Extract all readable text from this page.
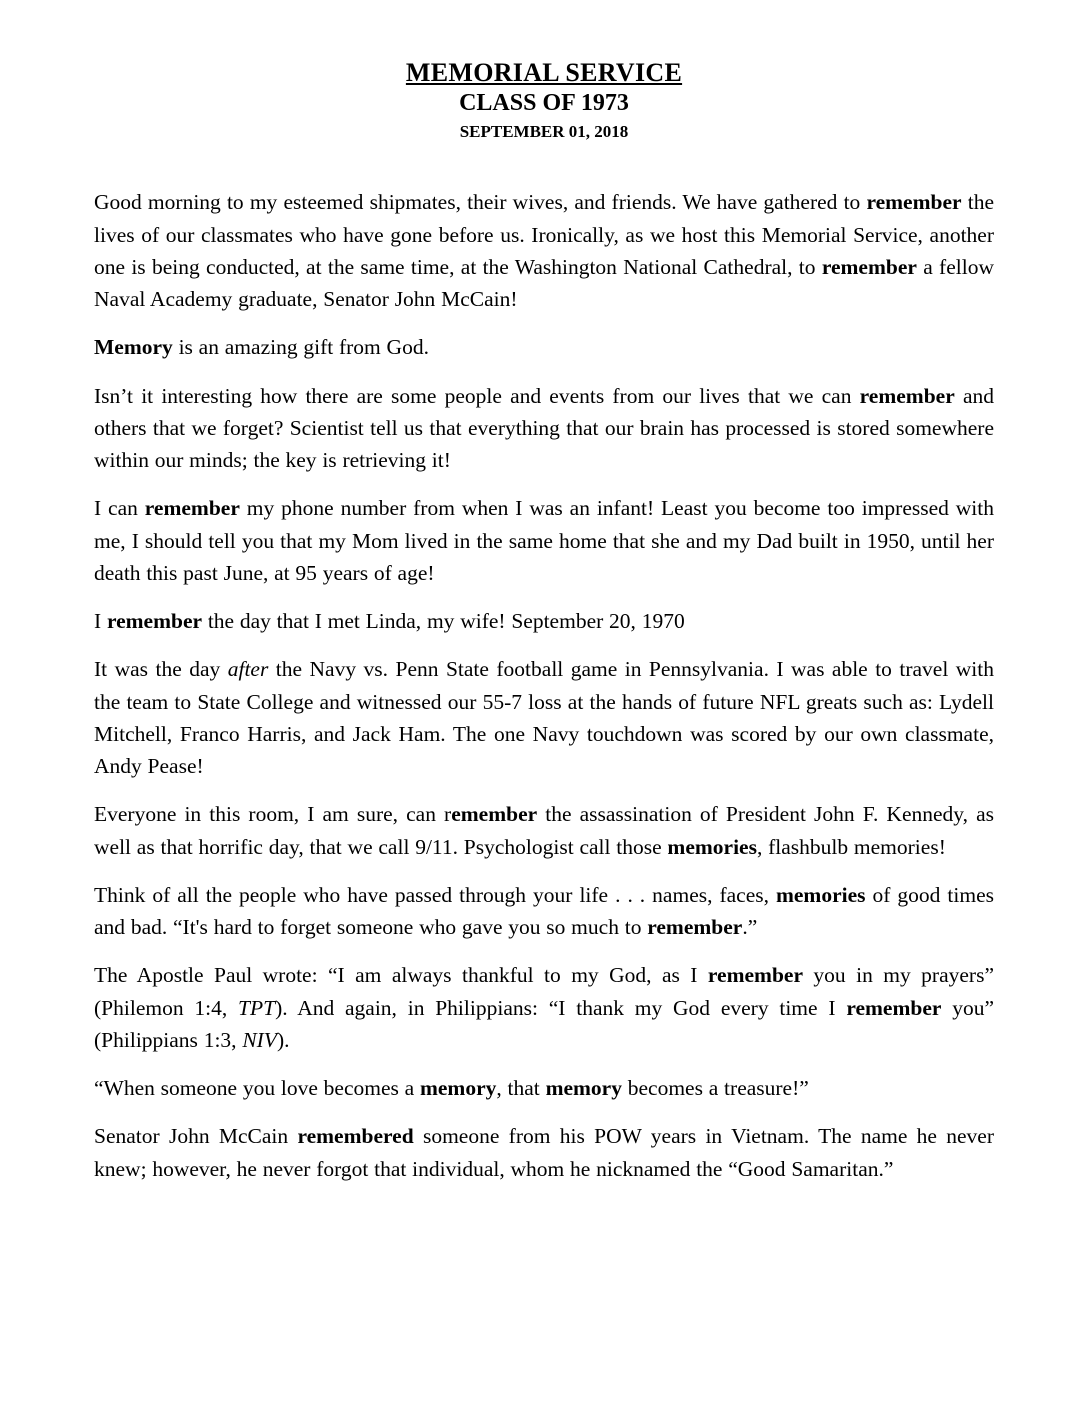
MEMORIAL SERVICE
CLASS OF 1973
SEPTEMBER 01, 2018

Good morning to my esteemed shipmates, their wives, and friends. We have gathered to remember the lives of our classmates who have gone before us. Ironically, as we host this Memorial Service, another one is being conducted, at the same time, at the Washington National Cathedral, to remember a fellow Naval Academy graduate, Senator John McCain!

Memory is an amazing gift from God.

Isn’t it interesting how there are some people and events from our lives that we can remember and others that we forget? Scientist tell us that everything that our brain has processed is stored somewhere within our minds; the key is retrieving it!

I can remember my phone number from when I was an infant! Least you become too impressed with me, I should tell you that my Mom lived in the same home that she and my Dad built in 1950, until her death this past June, at 95 years of age!

I remember the day that I met Linda, my wife! September 20, 1970

It was the day after the Navy vs. Penn State football game in Pennsylvania. I was able to travel with the team to State College and witnessed our 55-7 loss at the hands of future NFL greats such as: Lydell Mitchell, Franco Harris, and Jack Ham. The one Navy touchdown was scored by our own classmate, Andy Pease!

Everyone in this room, I am sure, can remember the assassination of President John F. Kennedy, as well as that horrific day, that we call 9/11. Psychologist call those memories, flashbulb memories!

Think of all the people who have passed through your life . . . names, faces, memories of good times and bad. “It's hard to forget someone who gave you so much to remember.”

The Apostle Paul wrote: “I am always thankful to my God, as I remember you in my prayers” (Philemon 1:4, TPT). And again, in Philippians: “I thank my God every time I remember you” (Philippians 1:3, NIV).

“When someone you love becomes a memory, that memory becomes a treasure!”

Senator John McCain remembered someone from his POW years in Vietnam. The name he never knew; however, he never forgot that individual, whom he nicknamed the “Good Samaritan.”
